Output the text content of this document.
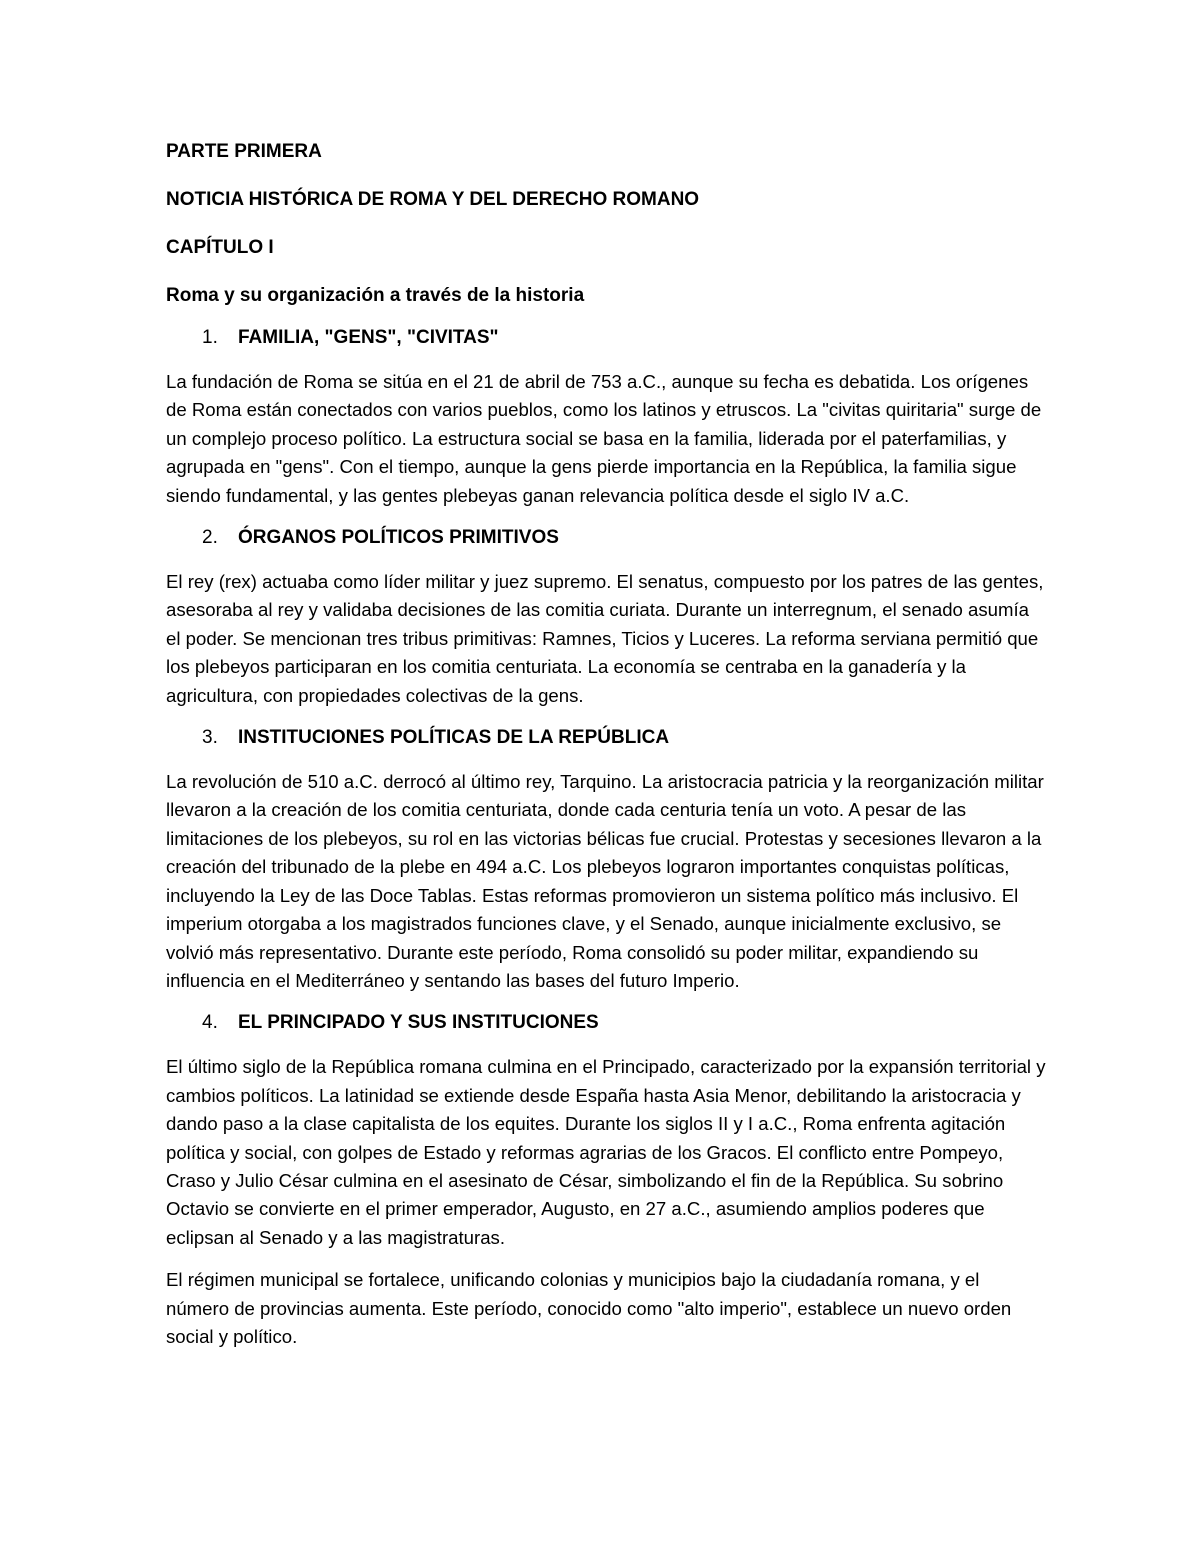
PARTE PRIMERA
NOTICIA HISTÓRICA DE ROMA Y DEL DERECHO ROMANO
CAPÍTULO I
Roma y su organización a través de la historia
1.	FAMILIA, "GENS", "CIVITAS"

La fundación de Roma se sitúa en el 21 de abril de 753 a.C., aunque su fecha es debatida. Los orígenes de Roma están conectados con varios pueblos, como los latinos y etruscos. La "civitas quiritaria" surge de un complejo proceso político. La estructura social se basa en la familia, liderada por el paterfamilias, y agrupada en "gens". Con el tiempo, aunque la gens pierde importancia en la República, la familia sigue siendo fundamental, y las gentes plebeyas ganan relevancia política desde el siglo IV a.C.

2.	ÓRGANOS POLÍTICOS PRIMITIVOS

El rey (rex) actuaba como líder militar y juez supremo. El senatus, compuesto por los patres de las gentes, asesoraba al rey y validaba decisiones de las comitia curiata. Durante un interregnum, el senado asumía el poder. Se mencionan tres tribus primitivas: Ramnes, Ticios y Luceres. La reforma serviana permitió que los plebeyos participaran en los comitia centuriata. La economía se centraba en la ganadería y la agricultura, con propiedades colectivas de la gens.

3.	INSTITUCIONES POLÍTICAS DE LA REPÚBLICA

La revolución de 510 a.C. derrocó al último rey, Tarquino. La aristocracia patricia y la reorganización militar llevaron a la creación de los comitia centuriata, donde cada centuria tenía un voto. A pesar de las limitaciones de los plebeyos, su rol en las victorias bélicas fue crucial. Protestas y secesiones llevaron a la creación del tribunado de la plebe en 494 a.C. Los plebeyos lograron importantes conquistas políticas, incluyendo la Ley de las Doce Tablas. Estas reformas promovieron un sistema político más inclusivo. El imperium otorgaba a los magistrados funciones clave, y el Senado, aunque inicialmente exclusivo, se volvió más representativo. Durante este período, Roma consolidó su poder militar, expandiendo su influencia en el Mediterráneo y sentando las bases del futuro Imperio.

4.	EL PRINCIPADO Y SUS INSTITUCIONES

El último siglo de la República romana culmina en el Principado, caracterizado por la expansión territorial y cambios políticos. La latinidad se extiende desde España hasta Asia Menor, debilitando la aristocracia y dando paso a la clase capitalista de los equites. Durante los siglos II y I a.C., Roma enfrenta agitación política y social, con golpes de Estado y reformas agrarias de los Gracos. El conflicto entre Pompeyo, Craso y Julio César culmina en el asesinato de César, simbolizando el fin de la República. Su sobrino Octavio se convierte en el primer emperador, Augusto, en 27 a.C., asumiendo amplios poderes que eclipsan al Senado y a las magistraturas.

El régimen municipal se fortalece, unificando colonias y municipios bajo la ciudadanía romana, y el número de provincias aumenta. Este período, conocido como "alto imperio", establece un nuevo orden social y político.
